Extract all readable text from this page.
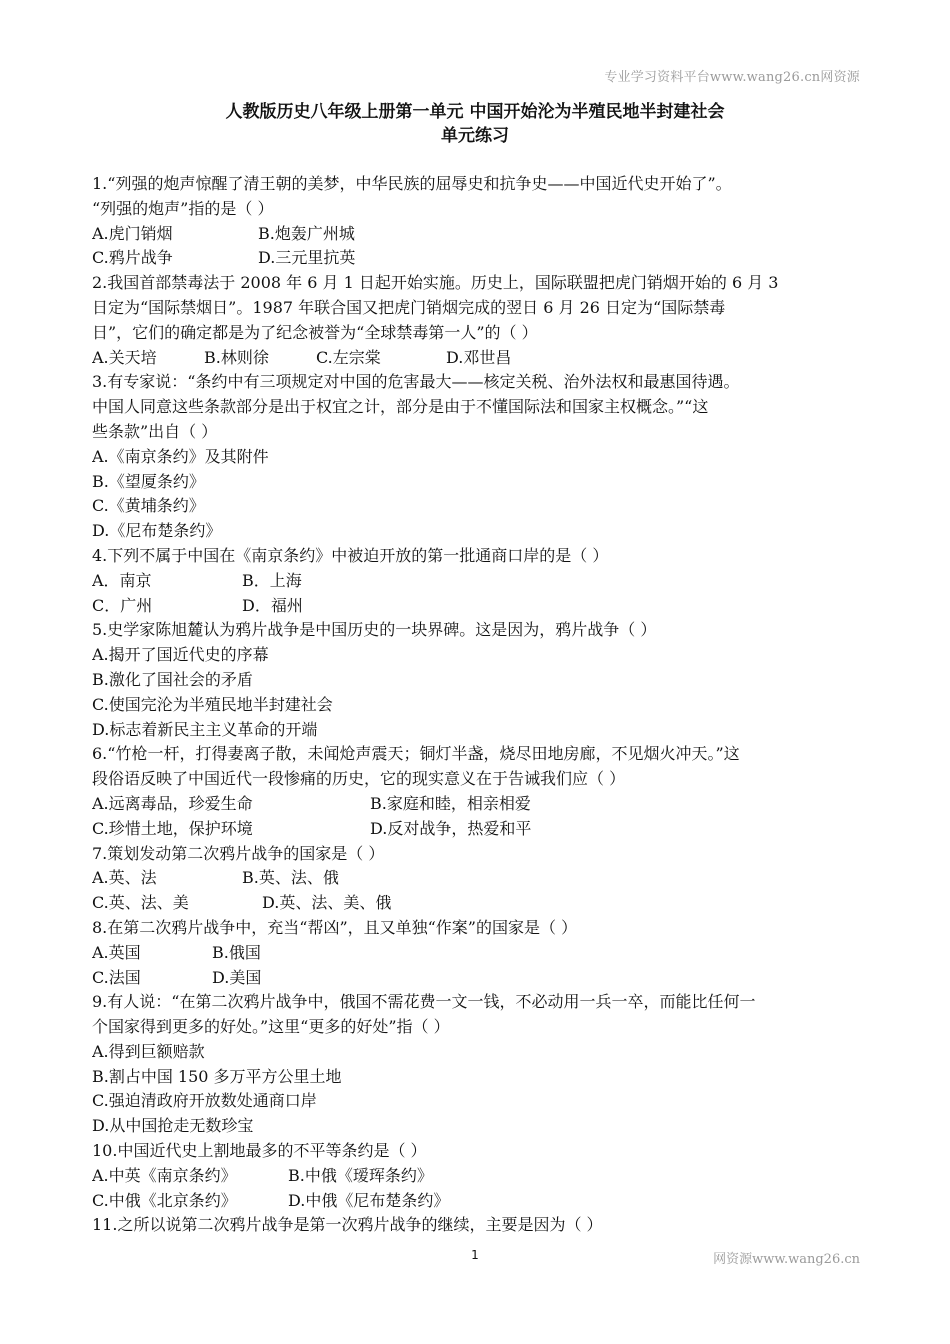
专业学习资料平台www.wang26.cn网资源
人教版历史八年级上册第一单元 中国开始沦为半殖民地半封建社会
单元练习
1.“列强的炮声惊醒了清王朝的美梦，中华民族的屈辱史和抗争史——中国近代史开始了”。
“列强的炮声”指的是（ ）
A.虎门销烟	B.炮轰广州城
C.鸦片战争	D.三元里抗英
2.我国首部禁毒法于 2008 年 6 月 1 日起开始实施。历史上，国际联盟把虎门销烟开始的 6 月 3
日定为“国际禁烟日”。1987 年联合国又把虎门销烟完成的翌日 6 月 26 日定为“国际禁毒
日”，它们的确定都是为了纪念被誉为“全球禁毒第一人”的（ ）
A.关天培	B.林则徐	C.左宗棠	D.邓世昌
3.有专家说：“条约中有三项规定对中国的危害最大——核定关税、治外法权和最惠国待遇。
中国人同意这些条款部分是出于权宜之计，部分是由于不懂国际法和国家主权概念。”“这
些条款”出自（ ）
A.《南京条约》及其附件
B.《望厦条约》
C.《黄埔条约》
D.《尼布楚条约》
4.下列不属于中国在《南京条约》中被迫开放的第一批通商口岸的是（ ）
A．南京	B．上海
C．广州	D．福州
5.史学家陈旭麓认为鸦片战争是中国历史的一块界碑。这是因为，鸦片战争（ ）
A.揭开了国近代史的序幕
B.激化了国社会的矛盾
C.使国完沦为半殖民地半封建社会
D.标志着新民主主义革命的开端
6.“竹枪一杆，打得妻离子散，未闻炝声震天；铜灯半盏，烧尽田地房廊，不见烟火冲天。”这
段俗语反映了中国近代一段惨痛的历史，它的现实意义在于告诫我们应（ ）
A.远离毒品，珍爱生命	B.家庭和睦，相亲相爱
C.珍惜土地，保护环境	D.反对战争，热爱和平
7.策划发动第二次鸦片战争的国家是（ ）
A.英、法	B.英、法、俄
C.英、法、美	D.英、法、美、俄
8.在第二次鸦片战争中，充当“帮凶”，且又单独“作案”的国家是（ ）
A.英国	B.俄国
C.法国	D.美国
9.有人说：“在第二次鸦片战争中，俄国不需花费一文一钱，不必动用一兵一卒，而能比任何一
个国家得到更多的好处。”这里“更多的好处”指（ ）
A.得到巨额赔款
B.割占中国 150 多万平方公里土地
C.强迫清政府开放数处通商口岸
D.从中国抢走无数珍宝
10.中国近代史上割地最多的不平等条约是（ ）
A.中英《南京条约》	B.中俄《瑷珲条约》
C.中俄《北京条约》	D.中俄《尼布楚条约》
11.之所以说第二次鸦片战争是第一次鸦片战争的继续，主要是因为（ ）
1	网资源www.wang26.cn
